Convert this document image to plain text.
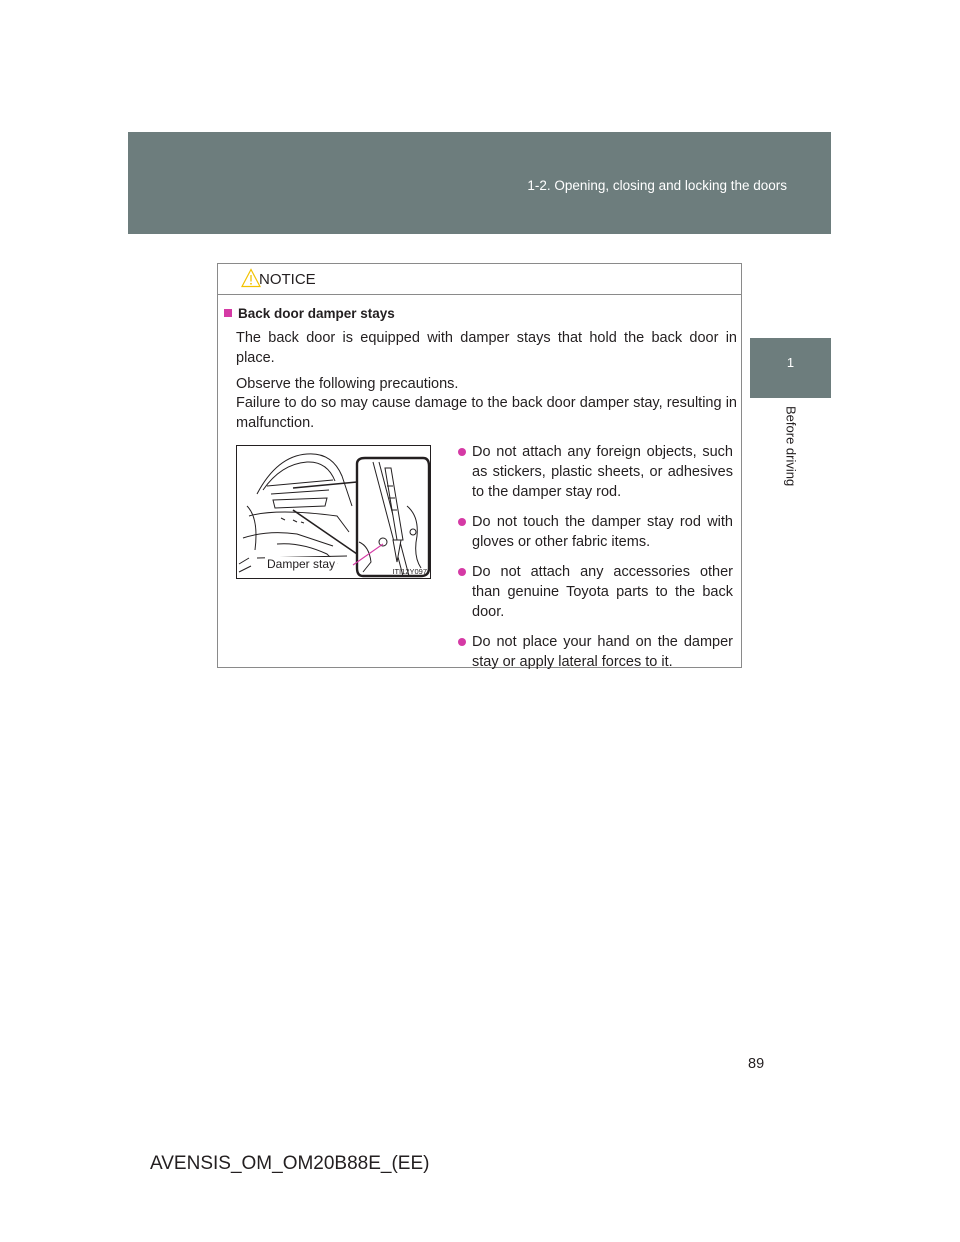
1-2. Opening, closing and locking the doors
1
Before driving
NOTICE
Back door damper stays
The back door is equipped with damper stays that hold the back door in place.
Observe the following precautions.
Failure to do so may cause damage to the back door damper stay, resulting in malfunction.
Damper stay
ITI12Y097
Do not attach any foreign objects, such as stickers, plastic sheets, or adhesives to the damper stay rod.
Do not touch the damper stay rod with gloves or other fabric items.
Do not attach any accessories other than genuine Toyota parts to the back door.
Do not place your hand on the damper stay or apply lateral forces to it.
89
AVENSIS_OM_OM20B88E_(EE)
